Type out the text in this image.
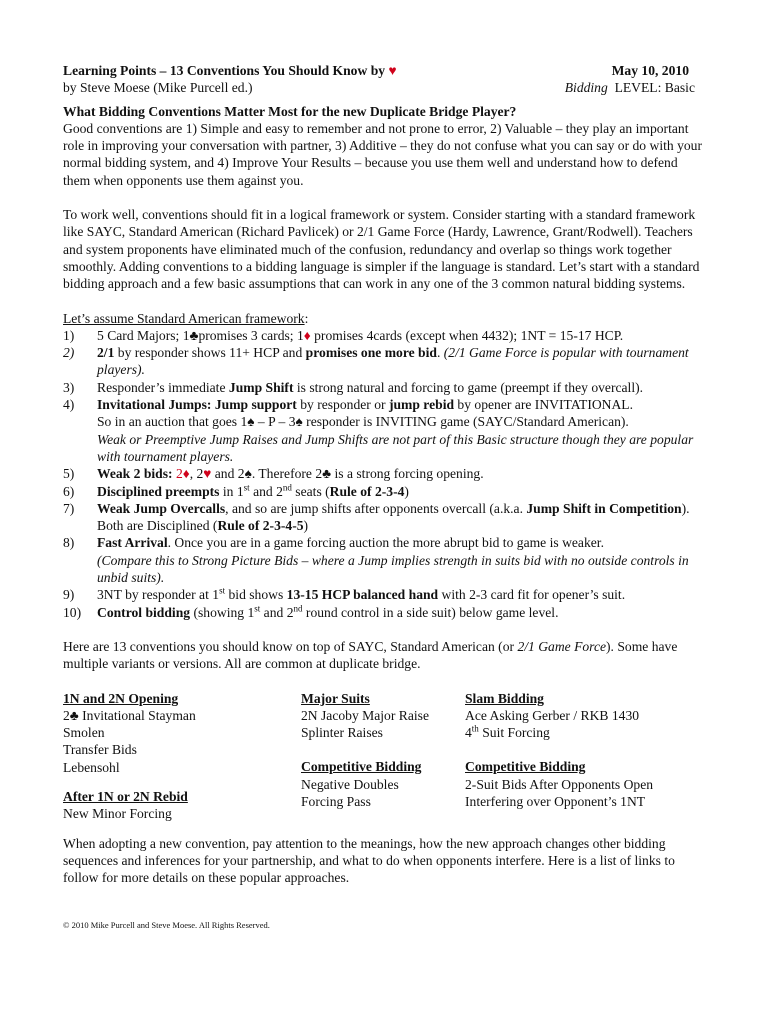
Learning Points – 13 Conventions You Should Know by ♥	May 10, 2010
by Steve Moese (Mike Purcell ed.)	Bidding LEVEL: Basic

What Bidding Conventions Matter Most for the new Duplicate Bridge Player?

Good conventions are 1) Simple and easy to remember and not prone to error, 2) Valuable – they play an important role in improving your conversation with partner, 3) Additive – they do not confuse what you can say or do with your normal bidding system, and 4) Improve Your Results – because you use them well and understand how to defend them when opponents use them against you.

To work well, conventions should fit in a logical framework or system. Consider starting with a standard framework like SAYC, Standard American (Richard Pavlicek) or 2/1 Game Force (Hardy, Lawrence, Grant/Rodwell). Teachers and system proponents have eliminated much of the confusion, redundancy and overlap so things work together smoothly. Adding conventions to a bidding language is simpler if the language is standard. Let’s start with a standard bidding approach and a few basic assumptions that can work in any one of the 3 common natural bidding systems.

Let’s assume Standard American framework:

1)	5 Card Majors; 1♣promises 3 cards; 1♦ promises 4cards (except when 4432); 1NT = 15-17 HCP.
2)	2/1 by responder shows 11+ HCP and promises one more bid. (2/1 Game Force is popular with tournament players).
3)	Responder’s immediate Jump Shift is strong natural and forcing to game (preempt if they overcall).
4)	Invitational Jumps: Jump support by responder or jump rebid by opener are INVITATIONAL.
So in an auction that goes 1♠ – P – 3♠ responder is INVITING game (SAYC/Standard American).
Weak or Preemptive Jump Raises and Jump Shifts are not part of this Basic structure though they are popular with tournament players.
5)	Weak 2 bids: 2♦, 2♥ and 2♠. Therefore 2♣ is a strong forcing opening.
6)	Disciplined preempts in 1st and 2nd seats (Rule of 2-3-4)
7)	Weak Jump Overcalls, and so are jump shifts after opponents overcall (a.k.a. Jump Shift in Competition). Both are Disciplined (Rule of 2-3-4-5)
8)	Fast Arrival. Once you are in a game forcing auction the more abrupt bid to game is weaker.
(Compare this to Strong Picture Bids – where a Jump implies strength in suits bid with no outside controls in unbid suits).
9)	3NT by responder at 1st bid shows 13-15 HCP balanced hand with 2-3 card fit for opener’s suit.
10)	Control bidding (showing 1st and 2nd round control in a side suit) below game level.

Here are 13 conventions you should know on top of SAYC, Standard American (or 2/1 Game Force). Some have multiple variants or versions. All are common at duplicate bridge.

1N and 2N Opening
2♣ Invitational Stayman
Smolen
Transfer Bids
Lebensohl
After 1N or 2N Rebid
New Minor Forcing
Major Suits
2N Jacoby Major Raise
Splinter Raises
Competitive Bidding
Negative Doubles
Forcing Pass
Slam Bidding
Ace Asking Gerber / RKB 1430
4th Suit Forcing
Competitive Bidding
2-Suit Bids After Opponents Open
Interfering over Opponent’s 1NT

When adopting a new convention, pay attention to the meanings, how the new approach changes other bidding sequences and inferences for your partnership, and what to do when opponents interfere. Here is a list of links to follow for more details on these popular approaches.

© 2010 Mike Purcell and Steve Moese. All Rights Reserved.
